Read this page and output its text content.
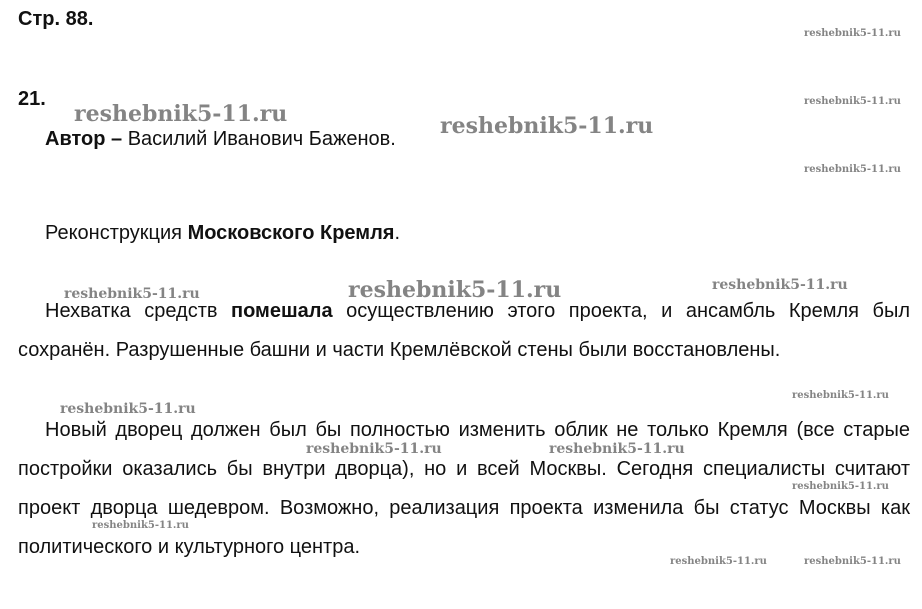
Стр. 88.
21.
Автор – Василий Иванович Баженов.
Реконструкция Московского Кремля.
Нехватка средств помешала осуществлению этого проекта, и ансамбль Кремля был сохранён. Разрушенные башни и части Кремлёвской стены были восстановлены.
Новый дворец должен был бы полностью изменить облик не только Кремля (все старые постройки оказались бы внутри дворца), но и всей Москвы. Сегодня специалисты считают проект дворца шедевром. Возможно, реализация проекта изменила бы статус Москвы как политического и культурного центра.
reshebnik5-11.ru
reshebnik5-11.ru	reshebnik5-11.ru
reshebnik5-11.ru
reshebnik5-11.ru
reshebnik5-11.ru	reshebnik5-11.ru	reshebnik5-11.ru
reshebnik5-11.ru
reshebnik5-11.ru
reshebnik5-11.ru	reshebnik5-11.ru
reshebnik5-11.ru
reshebnik5-11.ru
reshebnik5-11.ru
reshebnik5-11.ru
